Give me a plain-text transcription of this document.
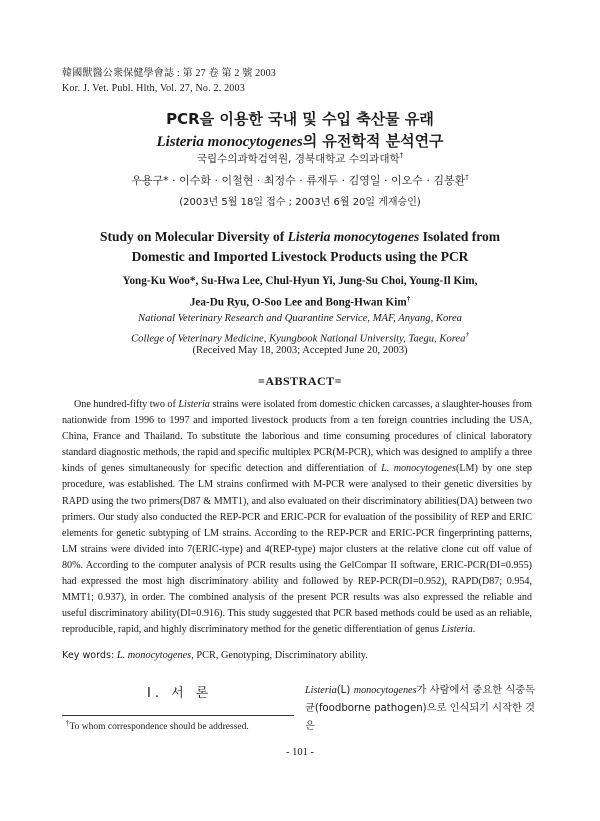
韓國獸醫公衆保健學會誌 : 第 27 卷 第 2 號 2003
Kor. J. Vet. Publ. Hlth, Vol. 27, No. 2. 2003
PCR을 이용한 국내 및 수입 축산물 유래
Listeria monocytogenes의 유전학적 분석연구
국립수의과학검역원, 경북대학교 수의과대학†
우용구* · 이수화 · 이철현 · 최정수 · 류재두 · 김영일 · 이오수 · 김봉환†
(2003년 5월 18일 접수 ; 2003년 6월 20일 게재승인)
Study on Molecular Diversity of Listeria monocytogenes Isolated from
Domestic and Imported Livestock Products using the PCR
Yong-Ku Woo*, Su-Hwa Lee, Chul-Hyun Yi, Jung-Su Choi, Young-Il Kim,
Jea-Du Ryu, O-Soo Lee and Bong-Hwan Kim†
National Veterinary Research and Quarantine Service, MAF, Anyang, Korea
College of Veterinary Medicine, Kyungbook National University, Taegu, Korea†
(Received May 18, 2003; Accepted June 20, 2003)
=ABSTRACT=
One hundred-fifty two of Listeria strains were isolated from domestic chicken carcasses, a slaughter-houses from nationwide from 1996 to 1997 and imported livestock products from a ten foreign countries including the USA, China, France and Thailand. To substitute the laborious and time consuming procedures of clinical laboratory standard diagnostic methods, the rapid and specific multiplex PCR(M-PCR), which was designed to amplify a three kinds of genes simultaneously for specific detection and differentiation of L. monocytogenes(LM) by one step procedure, was established. The LM strains confirmed with M-PCR were analysed to their genetic diversities by RAPD using the two primers(D87 & MMT1), and also evaluated on their discriminatory abilities(DA) between two primers. Our study also conducted the REP-PCR and ERIC-PCR for evaluation of the possibility of REP and ERIC elements for genetic subtyping of LM strains. According to the REP-PCR and ERIC-PCR fingerprinting patterns, LM strains were divided into 7(ERIC-type) and 4(REP-type) major clusters at the relative clone cut off value of 80%. According to the computer analysis of PCR results using the GelCompar II software, ERIC-PCR(DI=0.955) had expressed the most high discriminatory ability and followed by REP-PCR(DI=0.952), RAPD(D87; 0.954, MMT1; 0.937), in order. The combined analysis of the present PCR results was also expressed the reliable and useful discriminatory ability(DI=0.916). This study suggested that PCR based methods could be used as an reliable, reproducible, rapid, and highly discriminatory method for the genetic differentiation of genus Listeria.
Key words: L. monocytogenes, PCR, Genotyping, Discriminatory ability.
Ⅰ. 서 론	Listeria(L) monocytogenes가 사람에서 중요한 식중독균(foodborne pathogen)으로 인식되기 시작한 것은
†To whom correspondence should be addressed.
- 101 -
